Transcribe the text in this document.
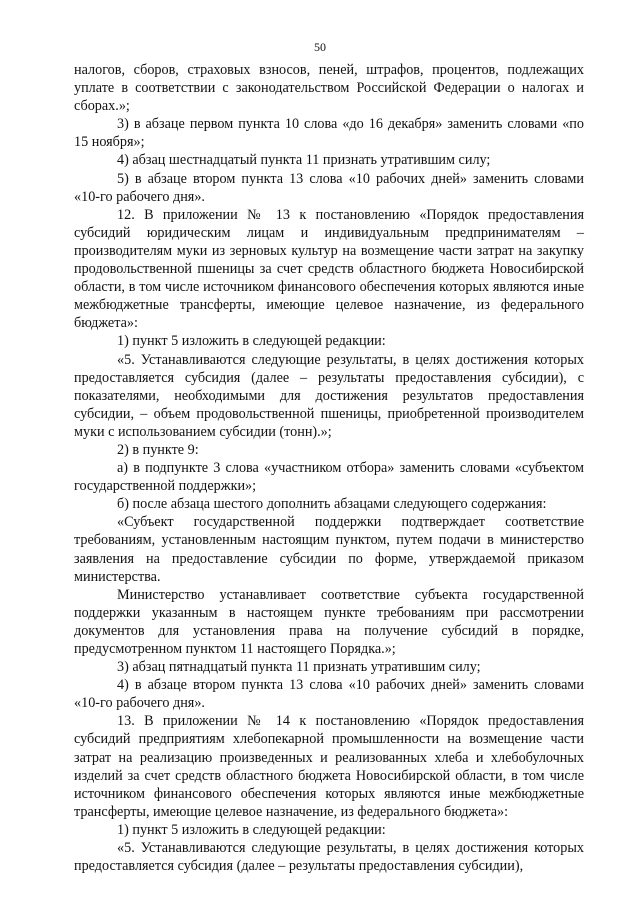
50

налогов, сборов, страховых взносов, пеней, штрафов, процентов, подлежащих уплате в соответствии с законодательством Российской Федерации о налогах и сборах.»;

3) в абзаце первом пункта 10 слова «до 16 декабря» заменить словами «по 15 ноября»;

4) абзац шестнадцатый пункта 11 признать утратившим силу;

5) в абзаце втором пункта 13 слова «10 рабочих дней» заменить словами «10-го рабочего дня».

12. В приложении № 13 к постановлению «Порядок предоставления субсидий юридическим лицам и индивидуальным предпринимателям – производителям муки из зерновых культур на возмещение части затрат на закупку продовольственной пшеницы за счет средств областного бюджета Новосибирской области, в том числе источником финансового обеспечения которых являются иные межбюджетные трансферты, имеющие целевое назначение, из федерального бюджета»:

1) пункт 5 изложить в следующей редакции:

«5. Устанавливаются следующие результаты, в целях достижения которых предоставляется субсидия (далее – результаты предоставления субсидии), с показателями, необходимыми для достижения результатов предоставления субсидии, – объем продовольственной пшеницы, приобретенной производителем муки с использованием субсидии (тонн).»;

2) в пункте 9:

а) в подпункте 3 слова «участником отбора» заменить словами «субъектом государственной поддержки»;

б) после абзаца шестого дополнить абзацами следующего содержания:

«Субъект государственной поддержки подтверждает соответствие требованиям, установленным настоящим пунктом, путем подачи в министерство заявления на предоставление субсидии по форме, утверждаемой приказом министерства.

Министерство устанавливает соответствие субъекта государственной поддержки указанным в настоящем пункте требованиям при рассмотрении документов для установления права на получение субсидий в порядке, предусмотренном пунктом 11 настоящего Порядка.»;

3) абзац пятнадцатый пункта 11 признать утратившим силу;

4) в абзаце втором пункта 13 слова «10 рабочих дней» заменить словами «10-го рабочего дня».

13. В приложении № 14 к постановлению «Порядок предоставления субсидий предприятиям хлебопекарной промышленности на возмещение части затрат на реализацию произведенных и реализованных хлеба и хлебобулочных изделий за счет средств областного бюджета Новосибирской области, в том числе источником финансового обеспечения которых являются иные межбюджетные трансферты, имеющие целевое назначение, из федерального бюджета»:

1) пункт 5 изложить в следующей редакции:

«5. Устанавливаются следующие результаты, в целях достижения которых предоставляется субсидия (далее – результаты предоставления субсидии),
